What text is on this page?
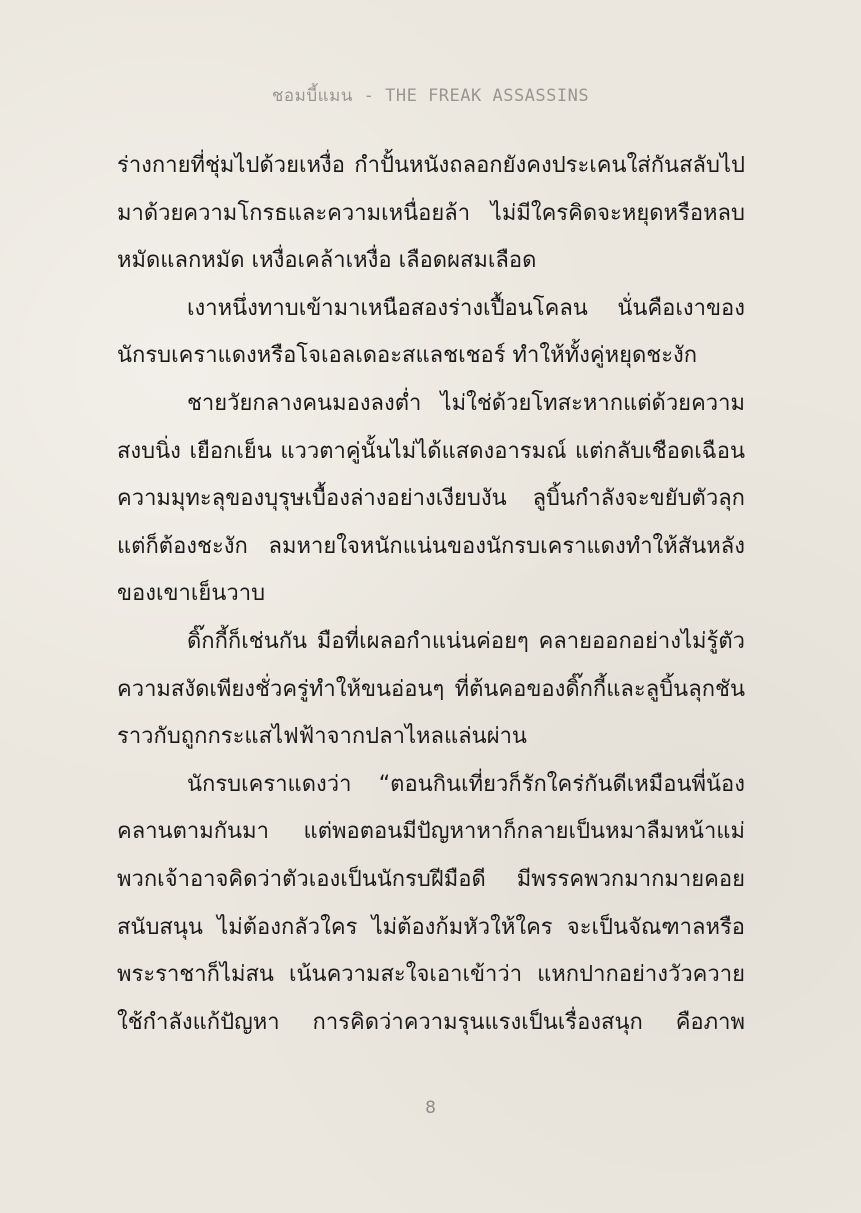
ชอมบี้แมน - THE FREAK ASSASSINS
ร่างกายที่ชุ่มไปด้วยเหงื่อ กำปั้นหนังถลอกยังคงประเคนใส่กันสลับไป
มาด้วยความโกรธและความเหนื่อยล้า ไม่มีใครคิดจะหยุดหรือหลบ
หมัดแลกหมัด เหงื่อเคล้าเหงื่อ เลือดผสมเลือด
เงาหนึ่งทาบเข้ามาเหนือสองร่างเปื้อนโคลน นั่นคือเงาของ
นักรบเคราแดงหรือโจเอลเดอะสแลชเชอร์ ทำให้ทั้งคู่หยุดชะงัก
ชายวัยกลางคนมองลงต่ำ ไม่ใช่ด้วยโทสะหากแต่ด้วยความ
สงบนิ่ง เยือกเย็น แววตาคู่นั้นไม่ได้แสดงอารมณ์ แต่กลับเชือดเฉือน
ความมุทะลุของบุรุษเบื้องล่างอย่างเงียบงัน ลูบิ้นกำลังจะขยับตัวลุก
แต่ก็ต้องชะงัก ลมหายใจหนักแน่นของนักรบเคราแดงทำให้สันหลัง
ของเขาเย็นวาบ
ดิ๊กกี้ก็เช่นกัน มือที่เผลอกำแน่นค่อยๆ คลายออกอย่างไม่รู้ตัว
ความสงัดเพียงชั่วครู่ทำให้ขนอ่อนๆ ที่ต้นคอของดิ๊กกี้และลูบิ้นลุกชัน
ราวกับถูกกระแสไฟฟ้าจากปลาไหลแล่นผ่าน
นักรบเคราแดงว่า “ตอนกินเที่ยวก็รักใคร่กันดีเหมือนพี่น้อง
คลานตามกันมา แต่พอตอนมีปัญหาหาก็กลายเป็นหมาลืมหน้าแม่
พวกเจ้าอาจคิดว่าตัวเองเป็นนักรบฝีมือดี มีพรรคพวกมากมายคอย
สนับสนุน ไม่ต้องกลัวใคร ไม่ต้องก้มหัวให้ใคร จะเป็นจัณฑาลหรือ
พระราชาก็ไม่สน เน้นความสะใจเอาเข้าว่า แหกปากอย่างวัวควาย
ใช้กำลังแก้ปัญหา การคิดว่าความรุนแรงเป็นเรื่องสนุก คือภาพ
8
